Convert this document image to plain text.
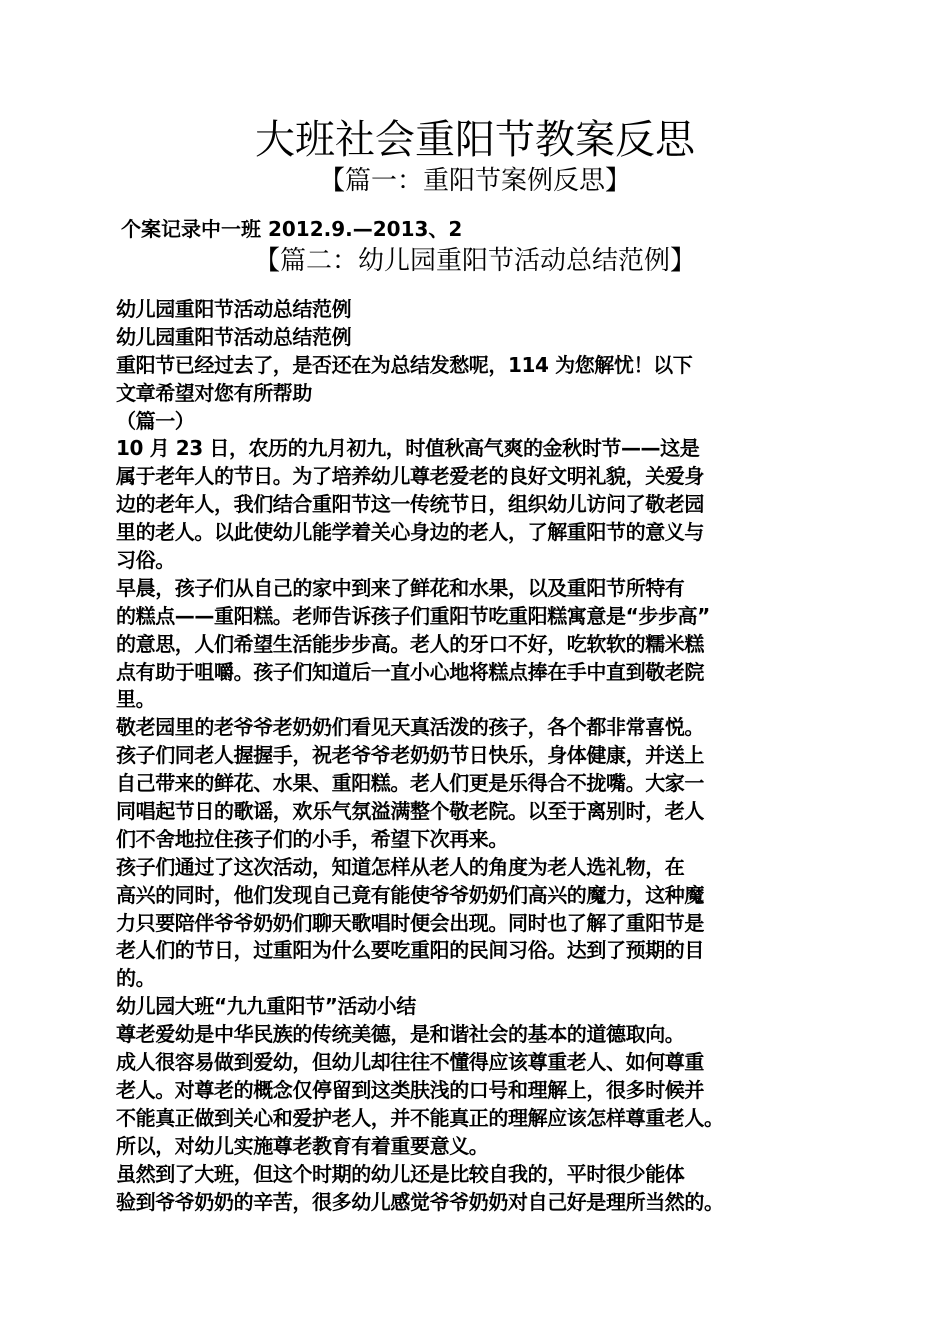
大班社会重阳节教案反思
【篇一：重阳节案例反思】
个案记录中一班 2012.9.—2013、2
【篇二：幼儿园重阳节活动总结范例】
幼儿园重阳节活动总结范例
幼儿园重阳节活动总结范例
重阳节已经过去了，是否还在为总结发愁呢，114 为您解忧！以下
文章希望对您有所帮助
（篇一）
10 月 23 日，农历的九月初九，时值秋高气爽的金秋时节——这是
属于老年人的节日。为了培养幼儿尊老爱老的良好文明礼貌，关爱身
边的老年人，我们结合重阳节这一传统节日，组织幼儿访问了敬老园
里的老人。以此使幼儿能学着关心身边的老人，了解重阳节的意义与
习俗。
早晨，孩子们从自己的家中到来了鲜花和水果，以及重阳节所特有
的糕点——重阳糕。老师告诉孩子们重阳节吃重阳糕寓意是“步步高”
的意思，人们希望生活能步步高。老人的牙口不好，吃软软的糯米糕
点有助于咀嚼。孩子们知道后一直小心地将糕点捧在手中直到敬老院
里。
敬老园里的老爷爷老奶奶们看见天真活泼的孩子，各个都非常喜悦。
孩子们同老人握握手，祝老爷爷老奶奶节日快乐，身体健康，并送上
自己带来的鲜花、水果、重阳糕。老人们更是乐得合不拢嘴。大家一
同唱起节日的歌谣，欢乐气氛溢满整个敬老院。以至于离别时，老人
们不舍地拉住孩子们的小手，希望下次再来。
孩子们通过了这次活动，知道怎样从老人的角度为老人选礼物，在
高兴的同时，他们发现自己竟有能使爷爷奶奶们高兴的魔力，这种魔
力只要陪伴爷爷奶奶们聊天歌唱时便会出现。同时也了解了重阳节是
老人们的节日，过重阳为什么要吃重阳的民间习俗。达到了预期的目
的。
幼儿园大班“九九重阳节”活动小结
尊老爱幼是中华民族的传统美德，是和谐社会的基本的道德取向。
成人很容易做到爱幼，但幼儿却往往不懂得应该尊重老人、如何尊重
老人。对尊老的概念仅停留到这类肤浅的口号和理解上，很多时候并
不能真正做到关心和爱护老人，并不能真正的理解应该怎样尊重老人。
所以，对幼儿实施尊老教育有着重要意义。
虽然到了大班，但这个时期的幼儿还是比较自我的，平时很少能体
验到爷爷奶奶的辛苦，很多幼儿感觉爷爷奶奶对自己好是理所当然的。
